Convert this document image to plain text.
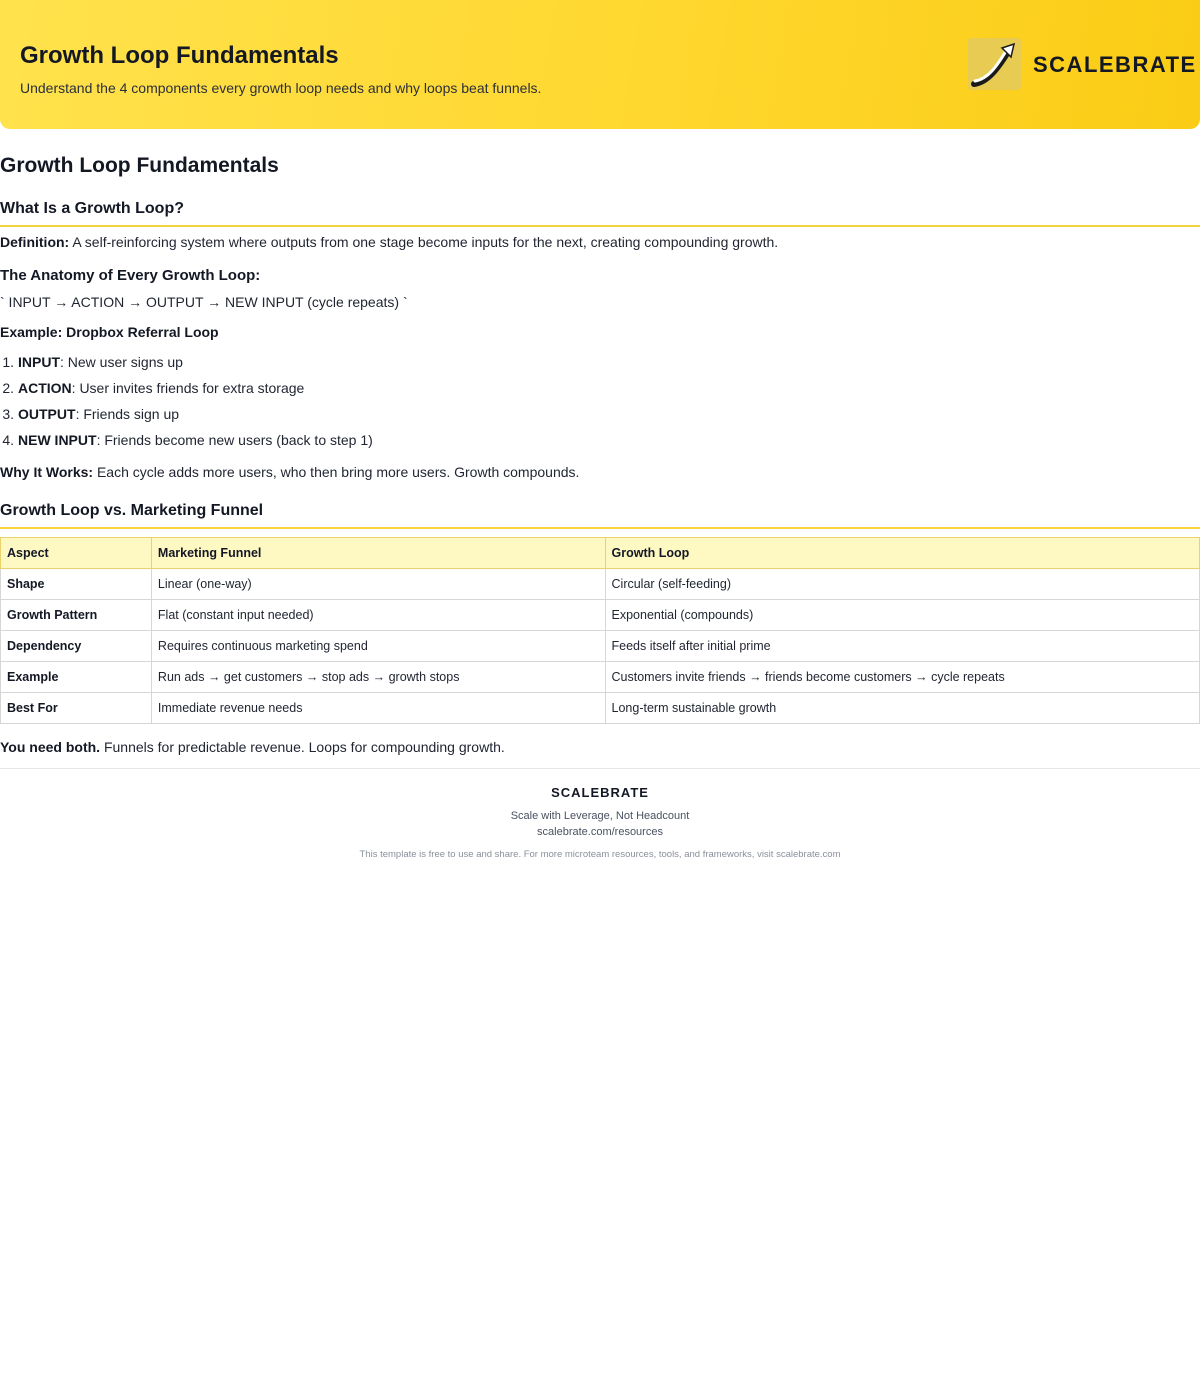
Growth Loop Fundamentals
Understand the 4 components every growth loop needs and why loops beat funnels.
SCALEBRATE
Growth Loop Fundamentals
What Is a Growth Loop?
Definition: A self-reinforcing system where outputs from one stage become inputs for the next, creating compounding growth.
The Anatomy of Every Growth Loop:
` INPUT → ACTION → OUTPUT → NEW INPUT (cycle repeats) `
Example: Dropbox Referral Loop
1. INPUT: New user signs up
2. ACTION: User invites friends for extra storage
3. OUTPUT: Friends sign up
4. NEW INPUT: Friends become new users (back to step 1)
Why It Works: Each cycle adds more users, who then bring more users. Growth compounds.
Growth Loop vs. Marketing Funnel
Aspect	Marketing Funnel	Growth Loop
Shape	Linear (one-way)	Circular (self-feeding)
Growth Pattern	Flat (constant input needed)	Exponential (compounds)
Dependency	Requires continuous marketing spend	Feeds itself after initial prime
Example	Run ads → get customers → stop ads → growth stops	Customers invite friends → friends become customers → cycle repeats
Best For	Immediate revenue needs	Long-term sustainable growth
You need both. Funnels for predictable revenue. Loops for compounding growth.
SCALEBRATE
Scale with Leverage, Not Headcount
scalebrate.com/resources
This template is free to use and share. For more microteam resources, tools, and frameworks, visit scalebrate.com
